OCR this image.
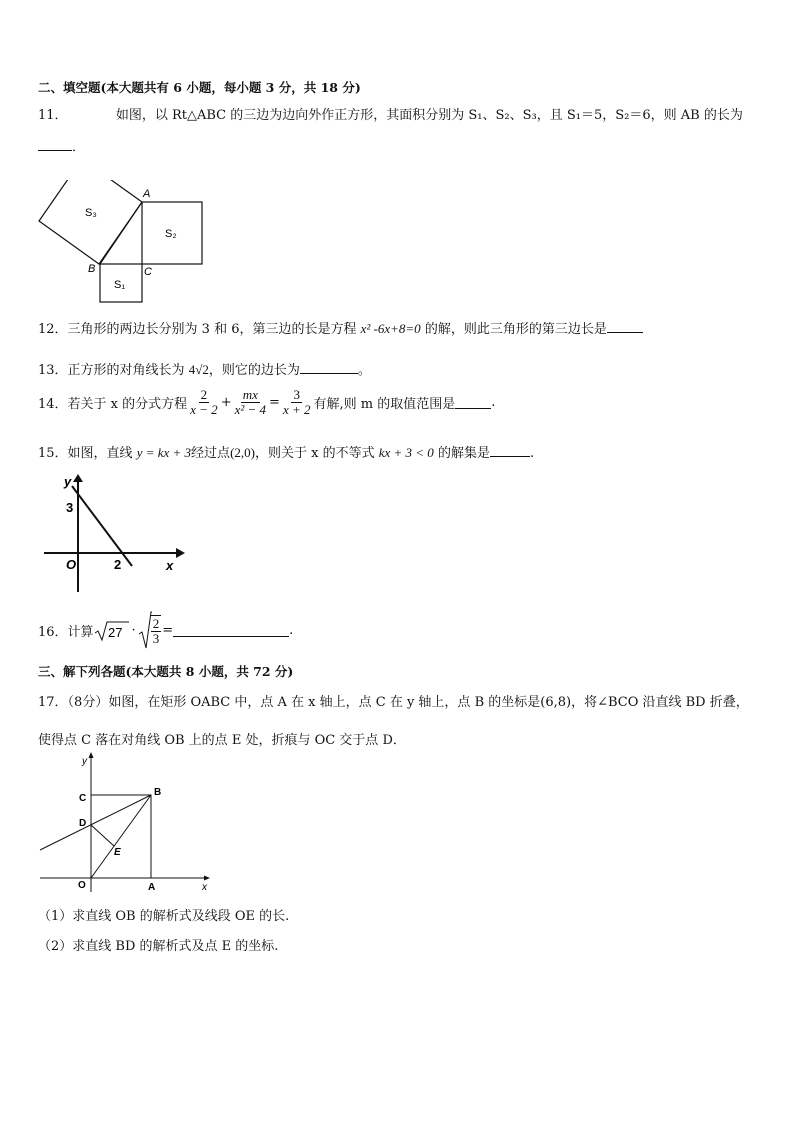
二、填空题(本大题共有 6 小题，每小题 3 分，共 18 分)
11．	如图，以 Rt△ABC 的三边为边向外作正方形，其面积分别为 S₁、S₂、S₃，且 S₁＝5，S₂＝6，则 AB 的长为
．
A
B	C
S₃
S₂
S₁
12．三角形的两边长分别为 3 和 6，第三边的长是方程 x² -6x+8=0 的解，则此三角形的第三边长是
13．正方形的对角线长为 4√2，则它的边长为	。
14．若关于 x 的分式方程 $\frac{2}{x - 2} + \frac{mx}{\text{x² − 4}} = \frac{3}{x + 2}$ 有解,则 m 的取值范围是	.
15．如图，直线 y = kx + 3经过点(2,0)，则关于 x 的不等式 kx + 3 < 0 的解集是	.
y
x
O
3
2
16．计算 $27 \cdot \frac{2}{3}$ =	.
三、解下列各题(本大题共 8 小题，共 72 分)
17．（8分）如图，在矩形 OABC 中，点 A 在 x 轴上，点 C 在 y 轴上，点 B 的坐标是(6,8)，将∠BCO 沿直线 BD 折叠，
使得点 C 落在对角线 OB 上的点 E 处，折痕与 OC 交于点 D．
y
x
O	A
B
C
D
E
（1）求直线 OB 的解析式及线段 OE 的长.
（2）求直线 BD 的解析式及点 E 的坐标.
